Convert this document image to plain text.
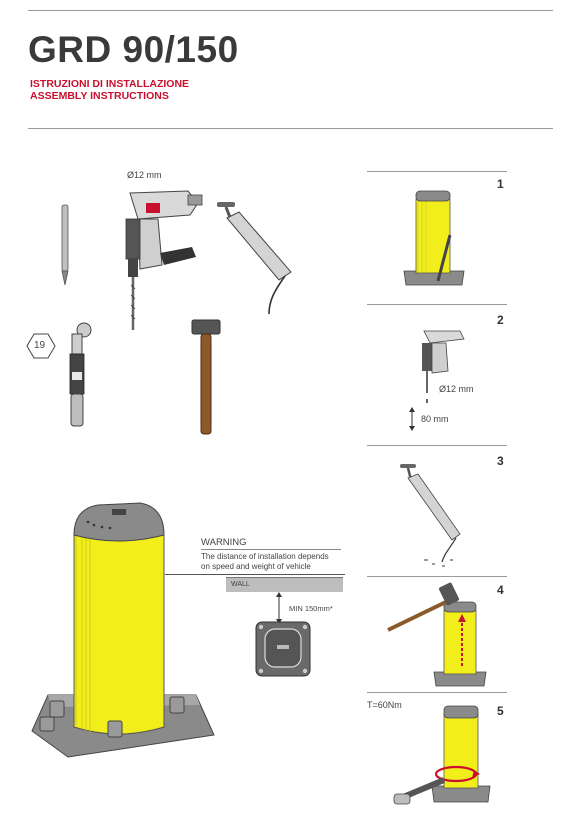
GRD 90/150
ISTRUZIONI DI INSTALLAZIONE
ASSEMBLY INSTRUCTIONS
Ø12 mm
19
WARNING
The distance of installation depends
on speed and weight of vehicle
WALL
MIN 150mm*
1
2
Ø12 mm
80 mm
3
4
T=60Nm	5
